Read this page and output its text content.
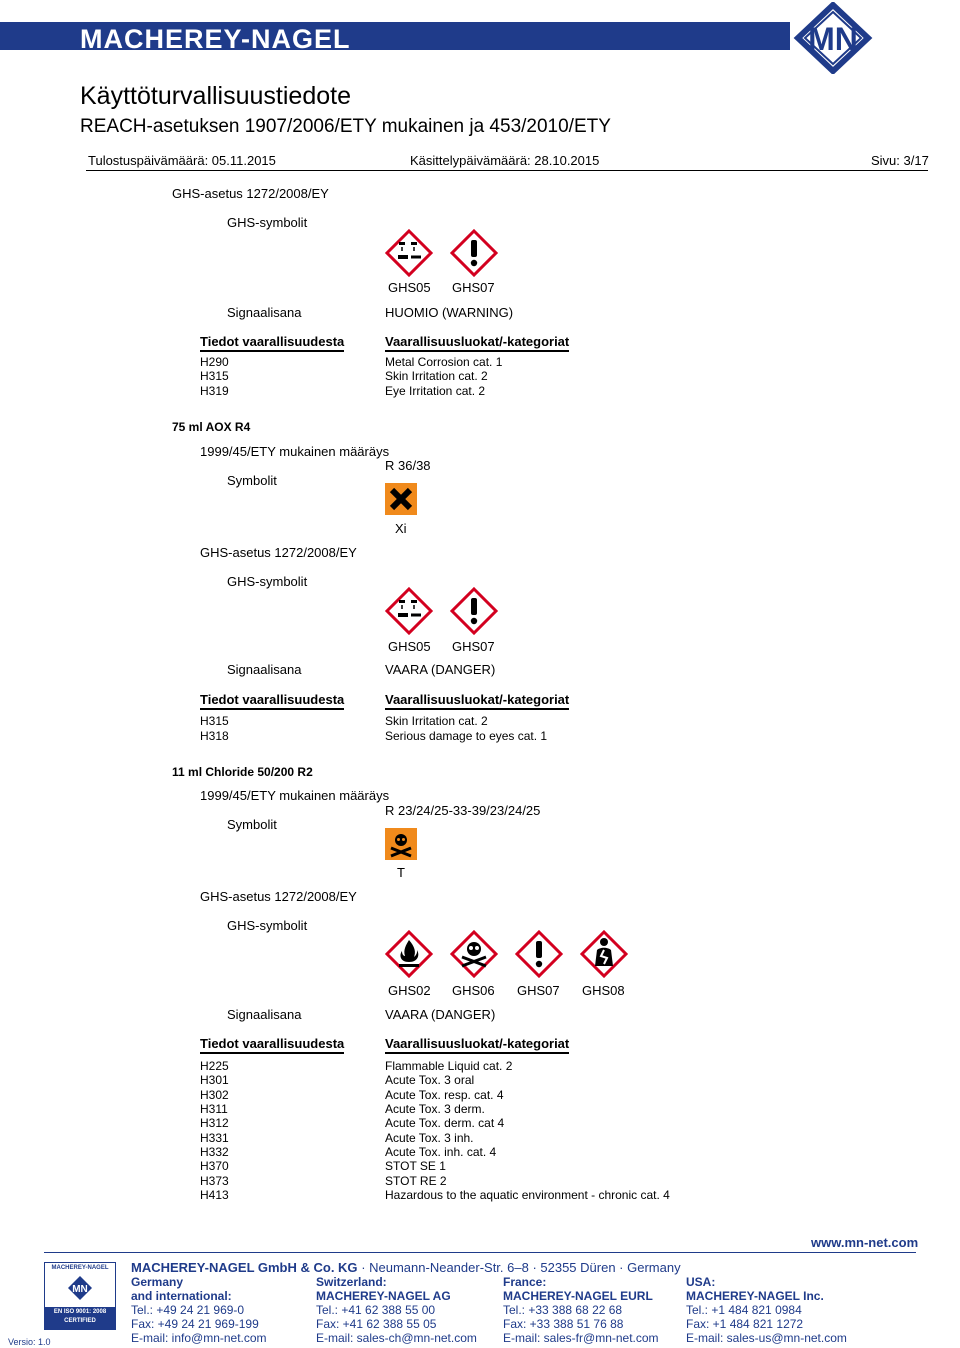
MACHEREY-NAGEL	MN
Käyttöturvallisuustiedote
REACH-asetuksen 1907/2006/ETY mukainen ja 453/2010/ETY
Tulostuspäivämäärä: 05.11.2015	Käsittelypäivämäärä: 28.10.2015	Sivu: 3/17
GHS-asetus 1272/2008/EY
GHS-symbolit
GHS05 GHS07
Signaalisana	HUOMIO (WARNING)
Tiedot vaarallisuudesta	Vaarallisuusluokat/-kategoriat
H290	Metal Corrosion cat. 1
H315	Skin Irritation cat. 2
H319	Eye Irritation cat. 2
75 ml AOX R4
1999/45/ETY mukainen määräys
R 36/38
Symbolit
Xi
GHS-asetus 1272/2008/EY
GHS-symbolit
GHS05 GHS07
Signaalisana	VAARA (DANGER)
Tiedot vaarallisuudesta	Vaarallisuusluokat/-kategoriat
H315	Skin Irritation cat. 2
H318	Serious damage to eyes cat. 1
11 ml Chloride 50/200 R2
1999/45/ETY mukainen määräys
R 23/24/25-33-39/23/24/25
Symbolit
T
GHS-asetus 1272/2008/EY
GHS-symbolit
GHS02 GHS06 GHS07 GHS08
Signaalisana	VAARA (DANGER)
Tiedot vaarallisuudesta	Vaarallisuusluokat/-kategoriat
H225	Flammable Liquid cat. 2
H301	Acute Tox. 3 oral
H302	Acute Tox. resp. cat. 4
H311	Acute Tox. 3 derm.
H312	Acute Tox. derm. cat 4
H331	Acute Tox. 3 inh.
H332	Acute Tox. inh. cat. 4
H370	STOT SE 1
H373	STOT RE 2
H413	Hazardous to the aquatic environment - chronic cat. 4
www.mn-net.com
MACHEREY-NAGEL
MN
EN ISO 9001: 2008
CERTIFIED
Versio: 1.0
MACHEREY-NAGEL GmbH & Co. KG · Neumann-Neander-Str. 6–8 · 52355 Düren · Germany
Germany
and international:
Tel.: +49 24 21 969-0
Fax: +49 24 21 969-199
E-mail: info@mn-net.com
Switzerland:
MACHEREY-NAGEL AG
Tel.: +41 62 388 55 00
Fax: +41 62 388 55 05
E-mail: sales-ch@mn-net.com
France:
MACHEREY-NAGEL EURL
Tel.: +33 388 68 22 68
Fax: +33 388 51 76 88
E-mail: sales-fr@mn-net.com
USA:
MACHEREY-NAGEL Inc.
Tel.: +1 484 821 0984
Fax: +1 484 821 1272
E-mail: sales-us@mn-net.com
